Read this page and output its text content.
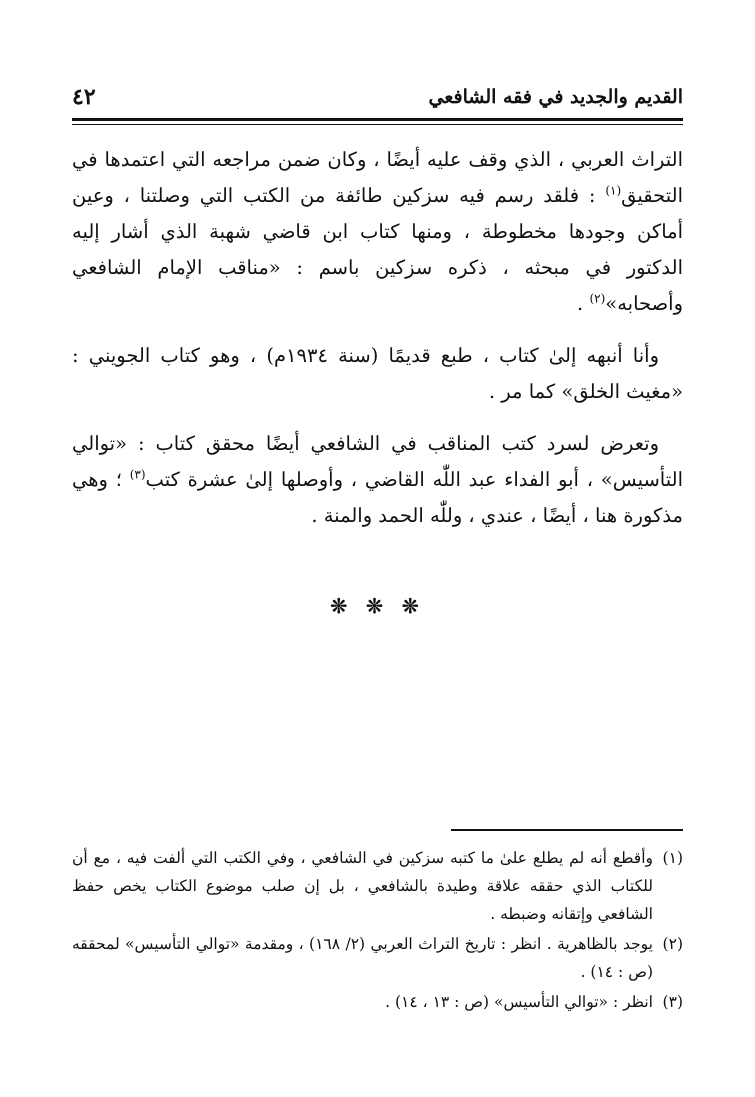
القديم والجديد في فقه الشافعي
٤٢

التراث العربي ، الذي وقف عليه أيضًا ، وكان ضمن مراجعه التي اعتمدها في التحقيق$^{(١)}$ : فلقد رسم فيه سزكين طائفة من الكتب التي وصلتنا ، وعين أماكن وجودها مخطوطة ، ومنها كتاب ابن قاضي شهبة الذي أشار إليه الدكتور في مبحثه ، ذكره سزكين باسم : «مناقب الإمام الشافعي وأصحابه»$^{(٢)}$ .

وأنا أنبهه إلىٰ كتاب ، طبع قديمًا (سنة ١٩٣٤م) ، وهو كتاب الجويني : «مغيث الخلق» كما مر .

وتعرض لسرد كتب المناقب في الشافعي أيضًا محقق كتاب : «توالي التأسيس» ، أبو الفداء عبد اللّٰه القاضي ، وأوصلها إلىٰ عشرة كتب$^{(٣)}$ ؛ وهي مذكورة هنا ، أيضًا ، عندي ، وللّٰه الحمد والمنة .

❊ ❊ ❊
(١)
وأقطع أنه لم يطلع علىٰ ما كتبه سزكين في الشافعي ، وفي الكتب التي ألفت فيه ، مع أن للكتاب الذي حققه علاقة وطيدة بالشافعي ، بل إن صلب موضوع الكتاب يخص حفظ الشافعي وإتقانه وضبطه .
(٢)
يوجد بالظاهرية . انظر : تاريخ التراث العربي (٢/ ١٦٨) ، ومقدمة «توالي التأسيس» لمحققه (ص : ١٤) .
(٣)
انظر : «توالي التأسيس» (ص : ١٣ ، ١٤) .
